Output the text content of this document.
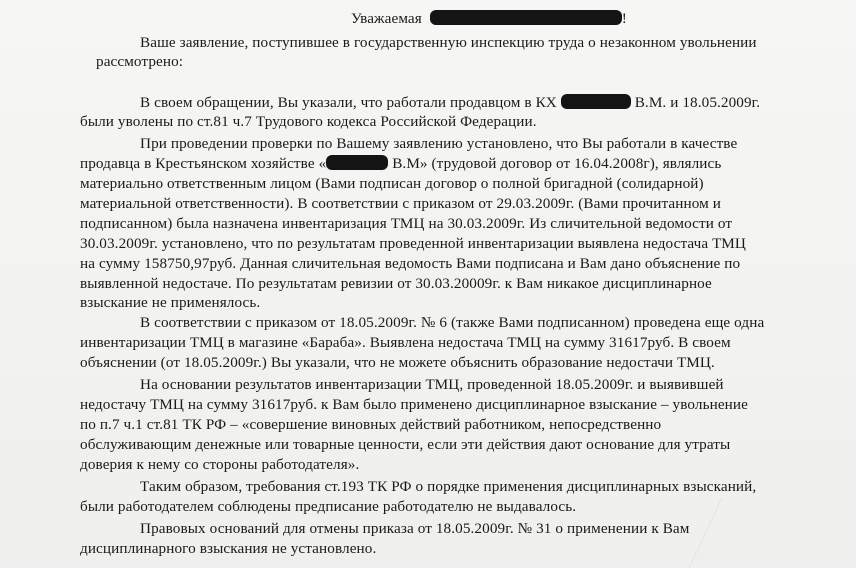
Уважаемая	!
Ваше заявление, поступившее в государственную инспекцию труда о незаконном увольнении
рассмотрено:
В своем обращении, Вы указали, что работали продавцом в КХ	В.М. и 18.05.2009г.
были уволены по ст.81 ч.7 Трудового кодекса Российской Федерации.
При проведении проверки по Вашему заявлению установлено, что Вы работали в качестве
продавца в Крестьянском хозяйстве «	В.М» (трудовой договор от 16.04.2008г), являлись
материально ответственным лицом (Вами подписан договор о полной бригадной (солидарной)
материальной ответственности). В соответствии с приказом от 29.03.2009г. (Вами прочитанном и
подписанном) была назначена инвентаризация ТМЦ на 30.03.2009г. Из сличительной ведомости от
30.03.2009г. установлено, что по результатам проведенной инвентаризации выявлена недостача ТМЦ
на сумму 158750,97руб. Данная сличительная ведомость Вами подписана и Вам дано объяснение по
выявленной недостаче. По результатам ревизии от 30.03.20009г. к Вам никакое дисциплинарное
взыскание не применялось.
В соответствии с приказом от 18.05.2009г. № 6 (также Вами подписанном) проведена еще одна
инвентаризации ТМЦ в магазине «Бараба». Выявлена недостача ТМЦ на сумму 31617руб. В своем
объяснении (от 18.05.2009г.) Вы указали, что не можете объяснить образование недостачи ТМЦ.
На основании результатов инвентаризации ТМЦ, проведенной 18.05.2009г. и выявившей
недостачу ТМЦ на сумму 31617руб. к Вам было применено дисциплинарное взыскание – увольнение
по п.7 ч.1 ст.81 ТК РФ – «совершение виновных действий работником, непосредственно
обслуживающим денежные или товарные ценности, если эти действия дают основание для утраты
доверия к нему со стороны работодателя».
Таким образом, требования ст.193 ТК РФ о порядке применения дисциплинарных взысканий,
были работодателем соблюдены предписание работодателю не выдавалось.
Правовых оснований для отмены приказа от 18.05.2009г. № 31 о применении к Вам
дисциплинарного взыскания не установлено.
